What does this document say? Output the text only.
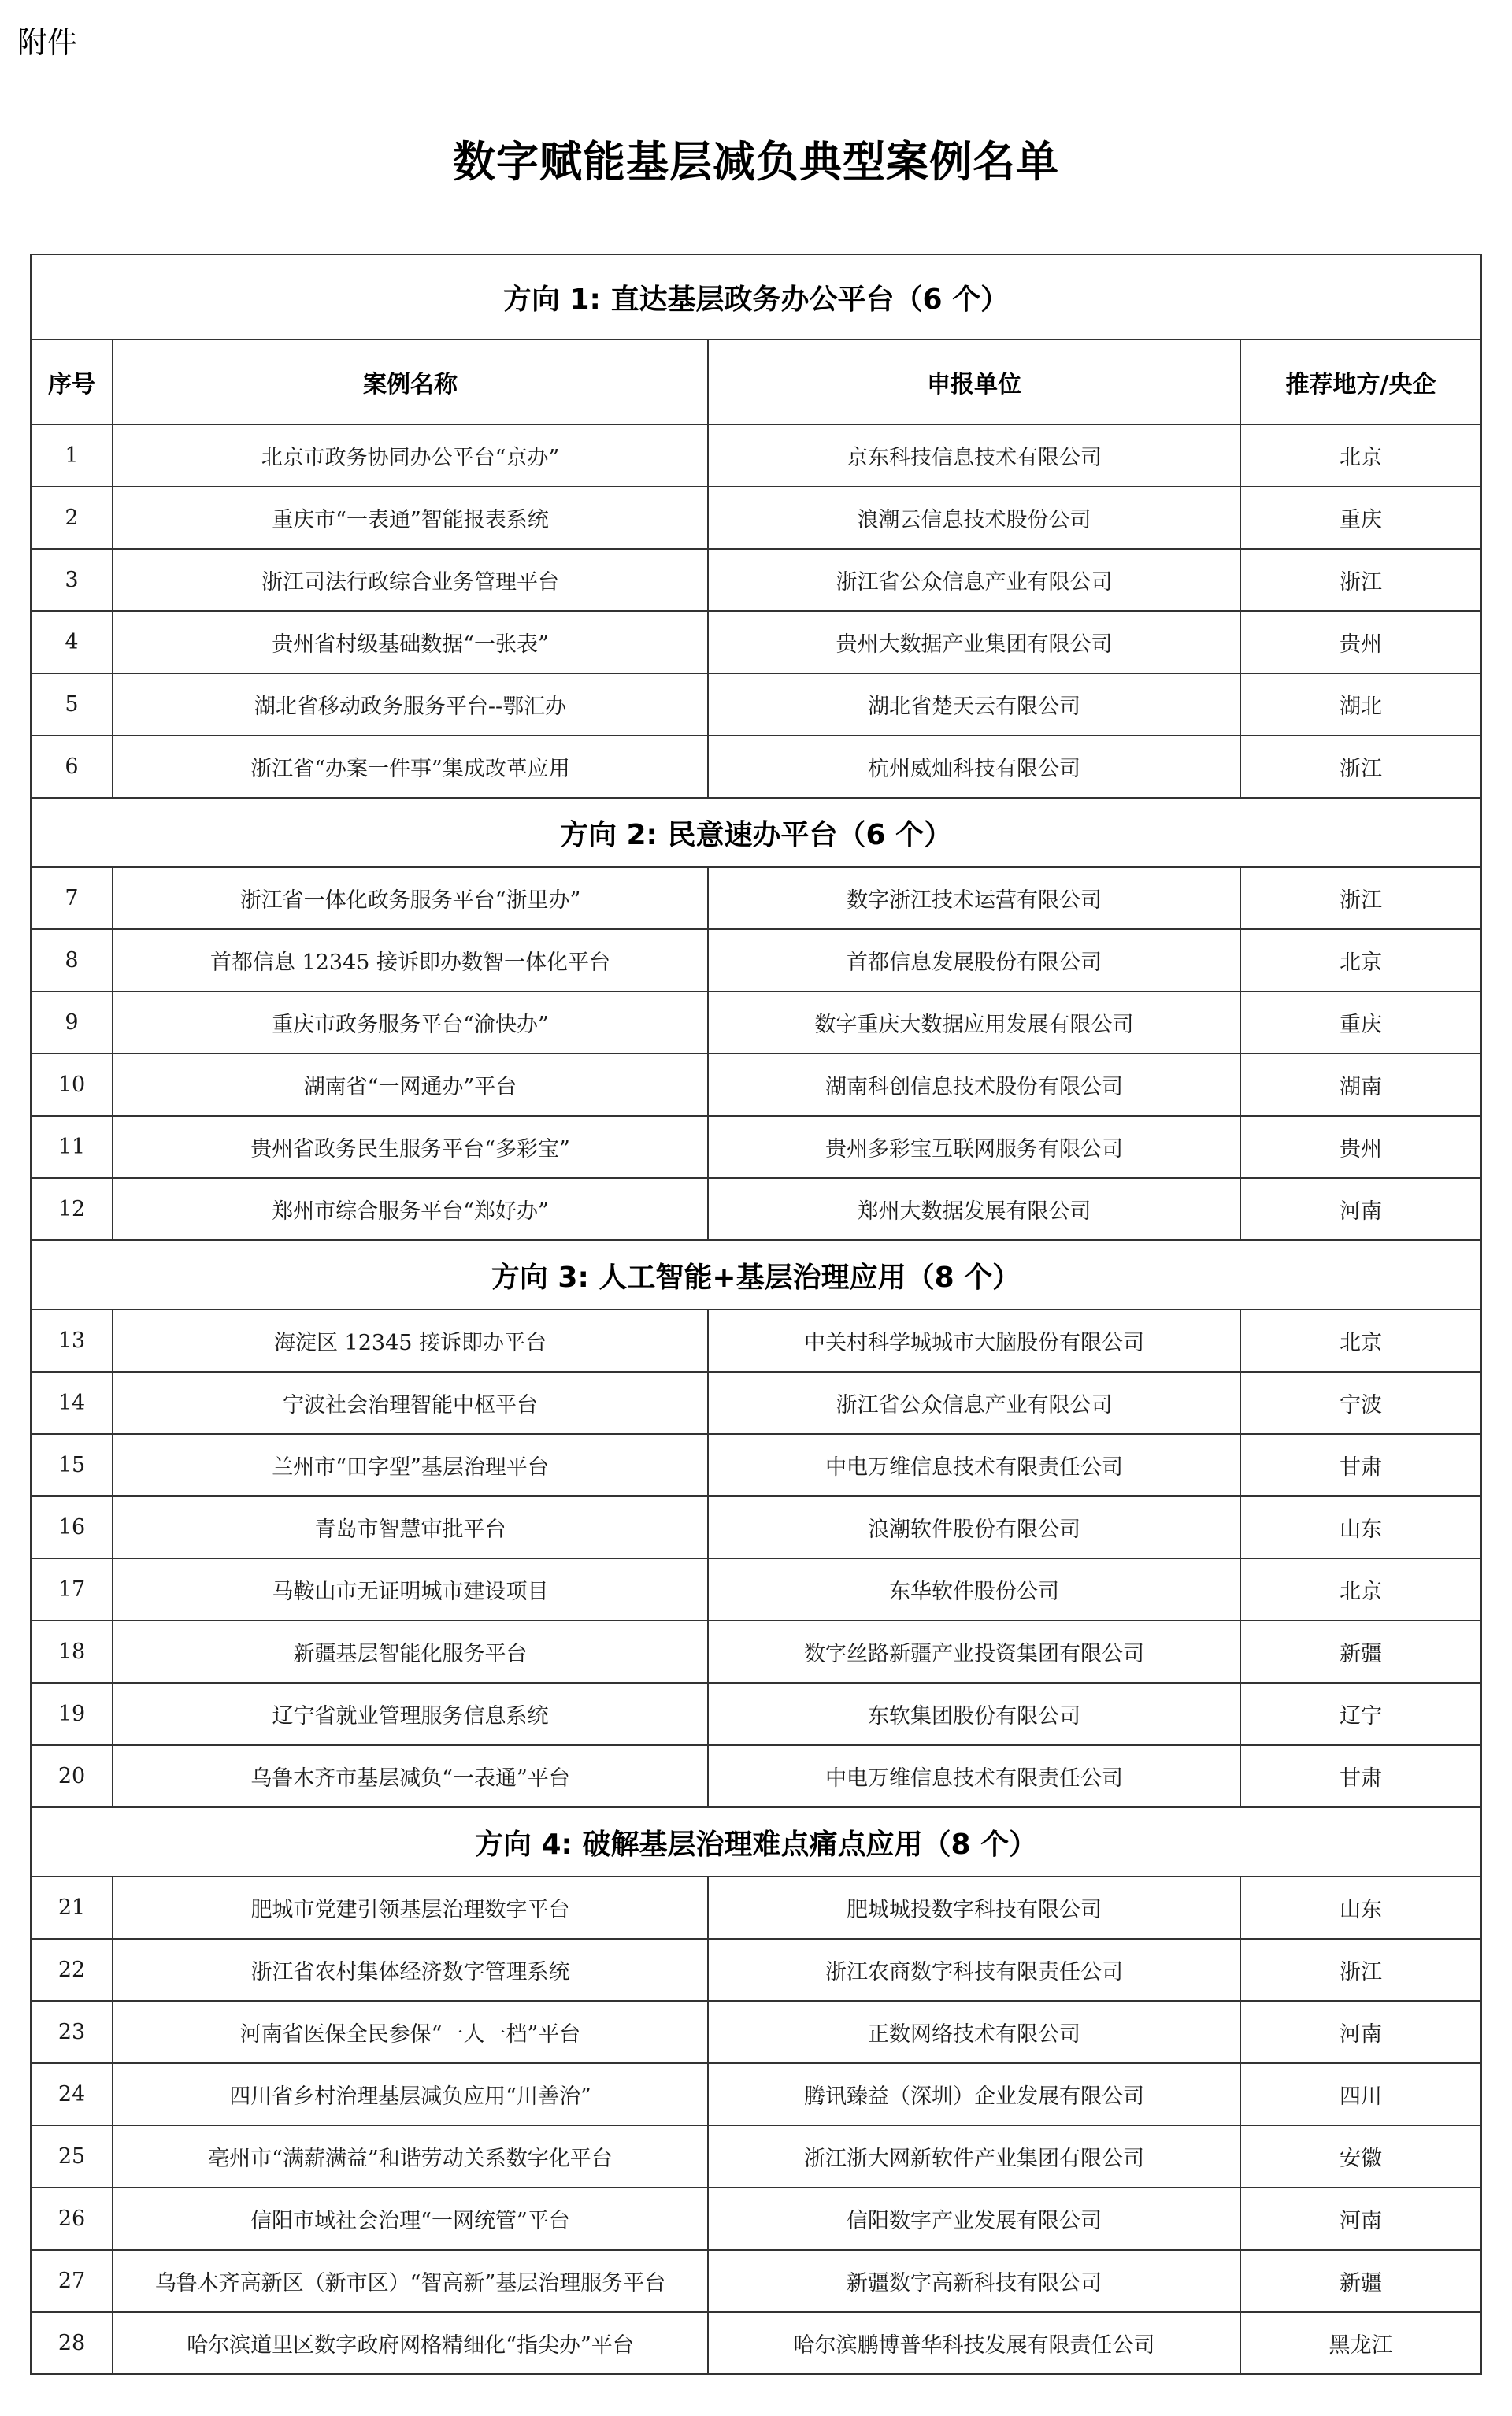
附件
数字赋能基层减负典型案例名单
方向 1: 直达基层政务办公平台（6 个）			
序号	案例名称	申报单位	推荐地方/央企
1	北京市政务协同办公平台“京办”	京东科技信息技术有限公司	北京
2	重庆市“一表通”智能报表系统	浪潮云信息技术股份公司	重庆
3	浙江司法行政综合业务管理平台	浙江省公众信息产业有限公司	浙江
4	贵州省村级基础数据“一张表”	贵州大数据产业集团有限公司	贵州
5	湖北省移动政务服务平台--鄂汇办	湖北省楚天云有限公司	湖北
6	浙江省“办案一件事”集成改革应用	杭州威灿科技有限公司	浙江
方向 2: 民意速办平台（6 个）			
7	浙江省一体化政务服务平台“浙里办”	数字浙江技术运营有限公司	浙江
8	首都信息 12345 接诉即办数智一体化平台	首都信息发展股份有限公司	北京
9	重庆市政务服务平台“渝快办”	数字重庆大数据应用发展有限公司	重庆
10	湖南省“一网通办”平台	湖南科创信息技术股份有限公司	湖南
11	贵州省政务民生服务平台“多彩宝”	贵州多彩宝互联网服务有限公司	贵州
12	郑州市综合服务平台“郑好办”	郑州大数据发展有限公司	河南
方向 3: 人工智能+基层治理应用（8 个）			
13	海淀区 12345 接诉即办平台	中关村科学城城市大脑股份有限公司	北京
14	宁波社会治理智能中枢平台	浙江省公众信息产业有限公司	宁波
15	兰州市“田字型”基层治理平台	中电万维信息技术有限责任公司	甘肃
16	青岛市智慧审批平台	浪潮软件股份有限公司	山东
17	马鞍山市无证明城市建设项目	东华软件股份公司	北京
18	新疆基层智能化服务平台	数字丝路新疆产业投资集团有限公司	新疆
19	辽宁省就业管理服务信息系统	东软集团股份有限公司	辽宁
20	乌鲁木齐市基层减负“一表通”平台	中电万维信息技术有限责任公司	甘肃
方向 4: 破解基层治理难点痛点应用（8 个）			
21	肥城市党建引领基层治理数字平台	肥城城投数字科技有限公司	山东
22	浙江省农村集体经济数字管理系统	浙江农商数字科技有限责任公司	浙江
23	河南省医保全民参保“一人一档”平台	正数网络技术有限公司	河南
24	四川省乡村治理基层减负应用“川善治”	腾讯臻益（深圳）企业发展有限公司	四川
25	亳州市“满薪满益”和谐劳动关系数字化平台	浙江浙大网新软件产业集团有限公司	安徽
26	信阳市域社会治理“一网统管”平台	信阳数字产业发展有限公司	河南
27	乌鲁木齐高新区（新市区）“智高新”基层治理服务平台	新疆数字高新科技有限公司	新疆
28	哈尔滨道里区数字政府网格精细化“指尖办”平台	哈尔滨鹏博普华科技发展有限责任公司	黑龙江
